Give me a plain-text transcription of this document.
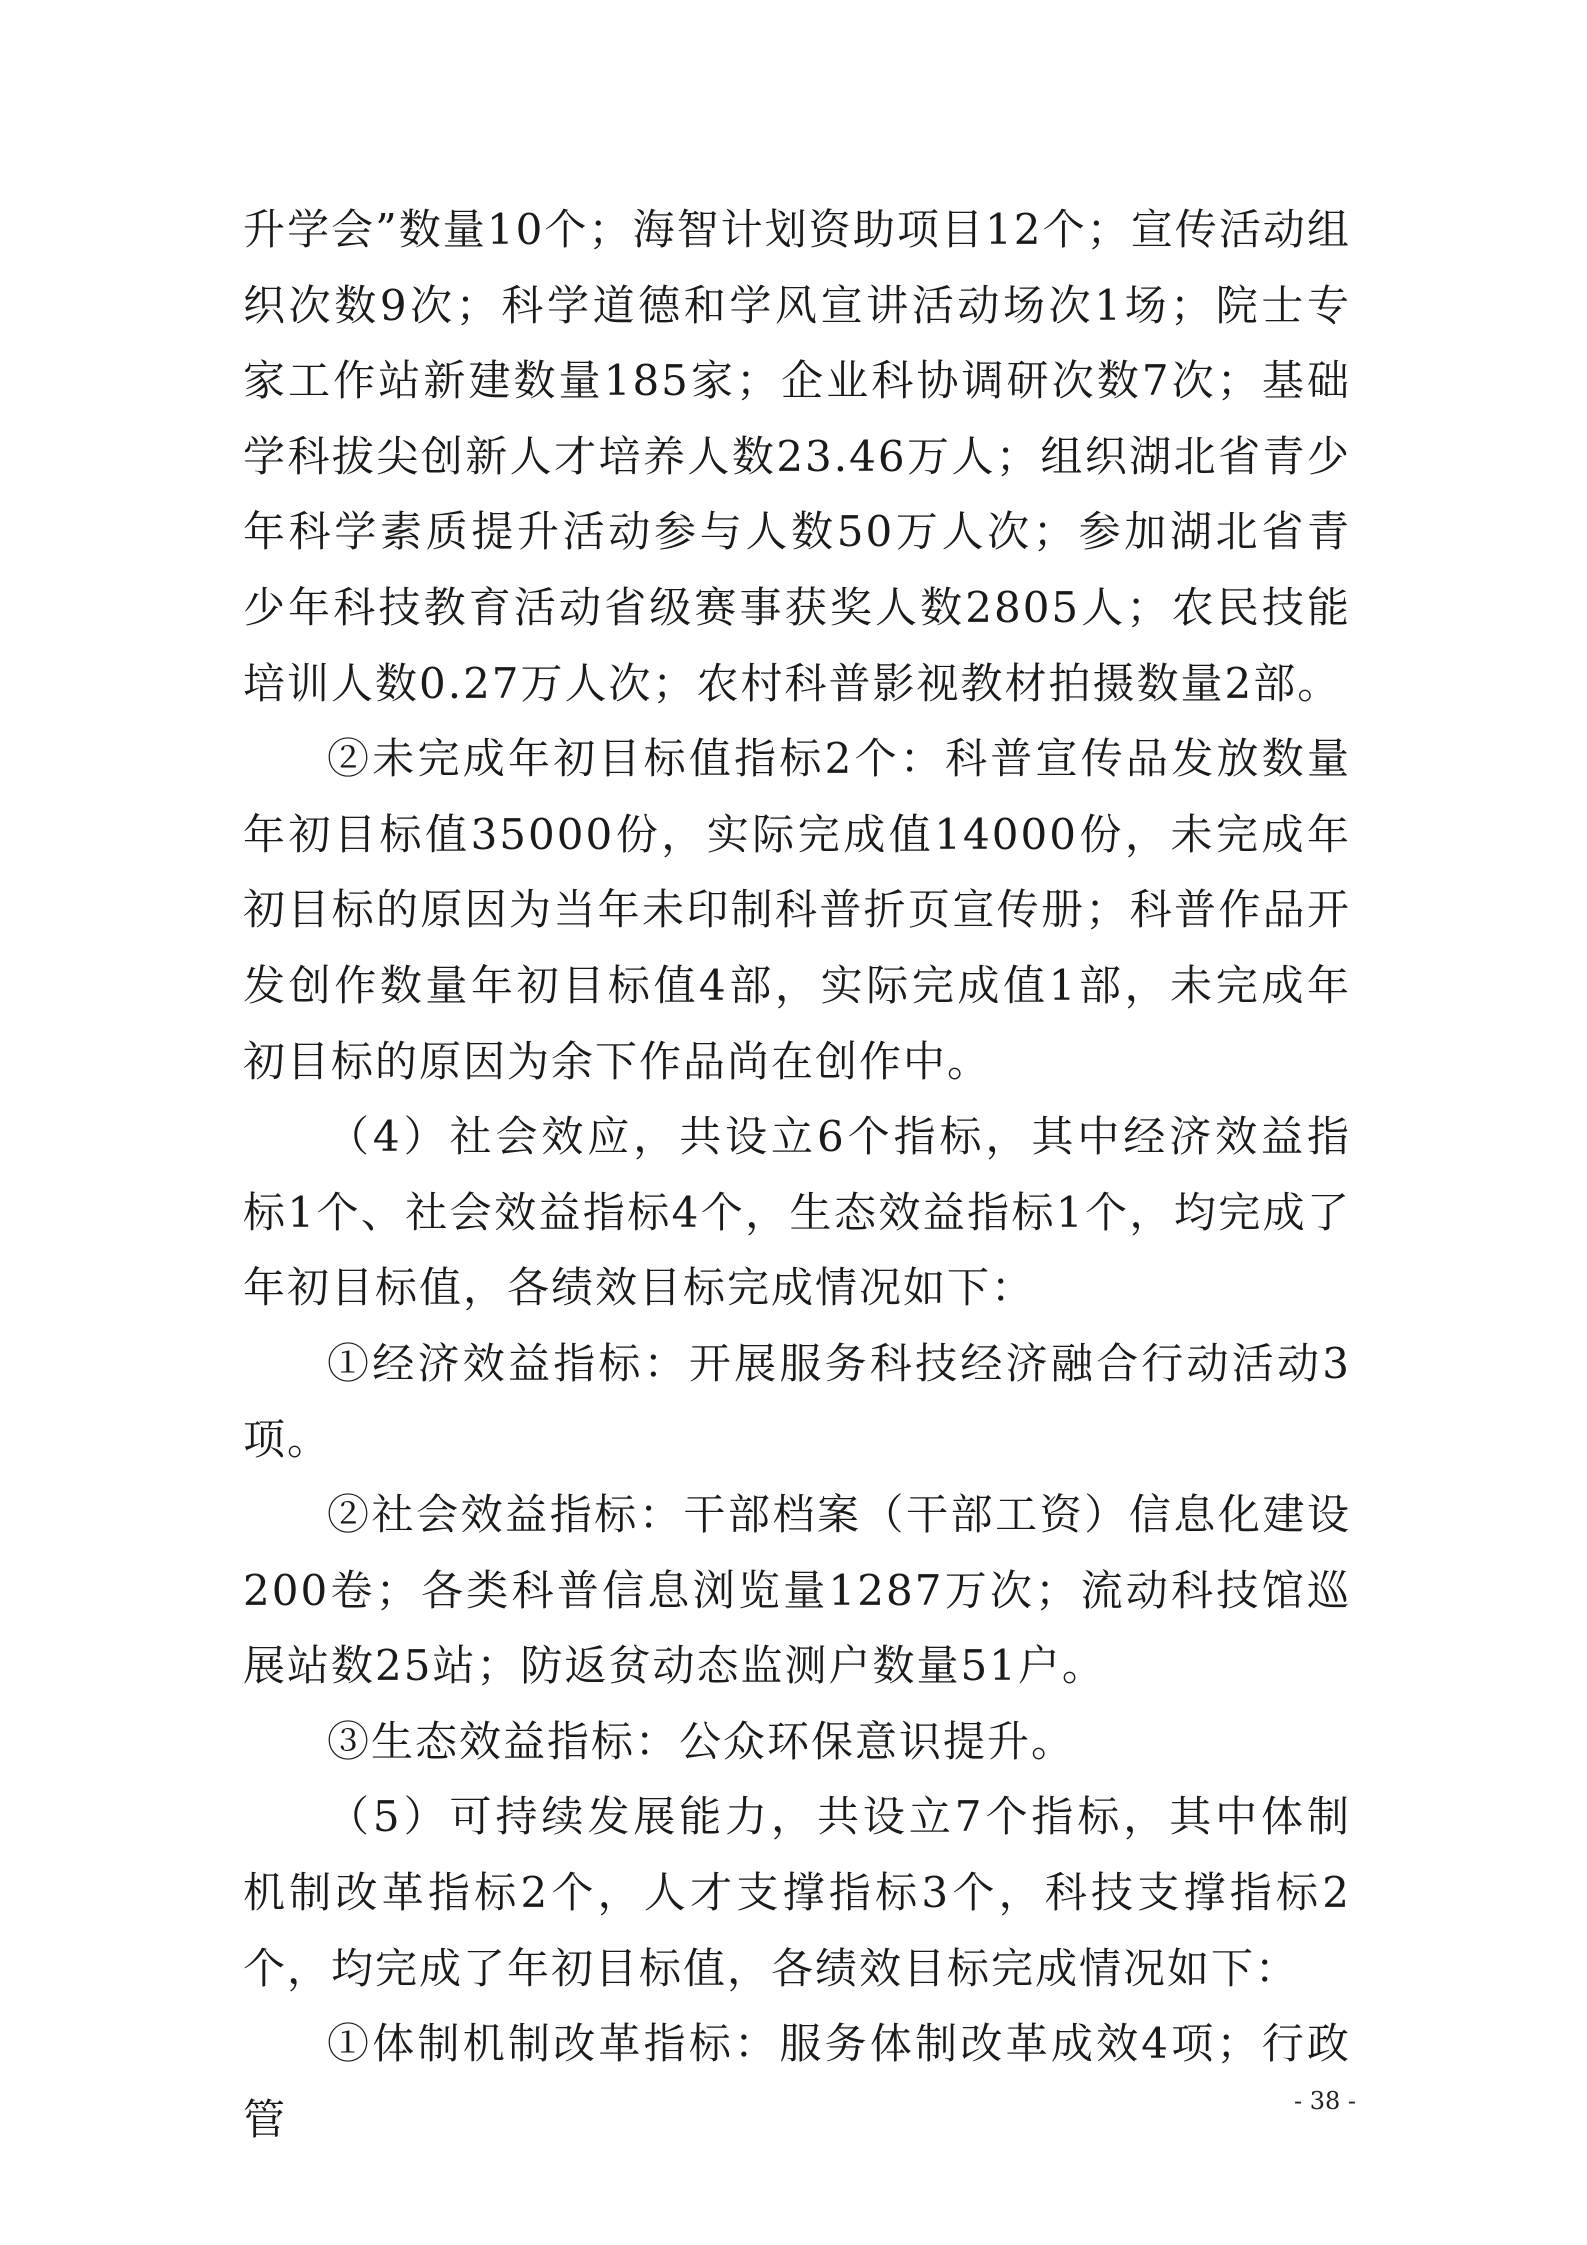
升学会”数量10个；海智计划资助项目12个；宣传活动组织次数9次；科学道德和学风宣讲活动场次1场；院士专家工作站新建数量185家；企业科协调研次数7次；基础学科拔尖创新人才培养人数23.46万人；组织湖北省青少年科学素质提升活动参与人数50万人次；参加湖北省青少年科技教育活动省级赛事获奖人数2805人；农民技能培训人数0.27万人次；农村科普影视教材拍摄数量2部。

②未完成年初目标值指标2个：科普宣传品发放数量年初目标值35000份，实际完成值14000份，未完成年初目标的原因为当年未印制科普折页宣传册；科普作品开发创作数量年初目标值4部，实际完成值1部，未完成年初目标的原因为余下作品尚在创作中。

（4）社会效应，共设立6个指标，其中经济效益指标1个、社会效益指标4个，生态效益指标1个，均完成了年初目标值，各绩效目标完成情况如下：

①经济效益指标：开展服务科技经济融合行动活动3项。

②社会效益指标：干部档案（干部工资）信息化建设200卷；各类科普信息浏览量1287万次；流动科技馆巡展站数25站；防返贫动态监测户数量51户。

③生态效益指标：公众环保意识提升。

（5）可持续发展能力，共设立7个指标，其中体制机制改革指标2个，人才支撑指标3个，科技支撑指标2个，均完成了年初目标值，各绩效目标完成情况如下：

①体制机制改革指标：服务体制改革成效4项；行政管	- 38 -
